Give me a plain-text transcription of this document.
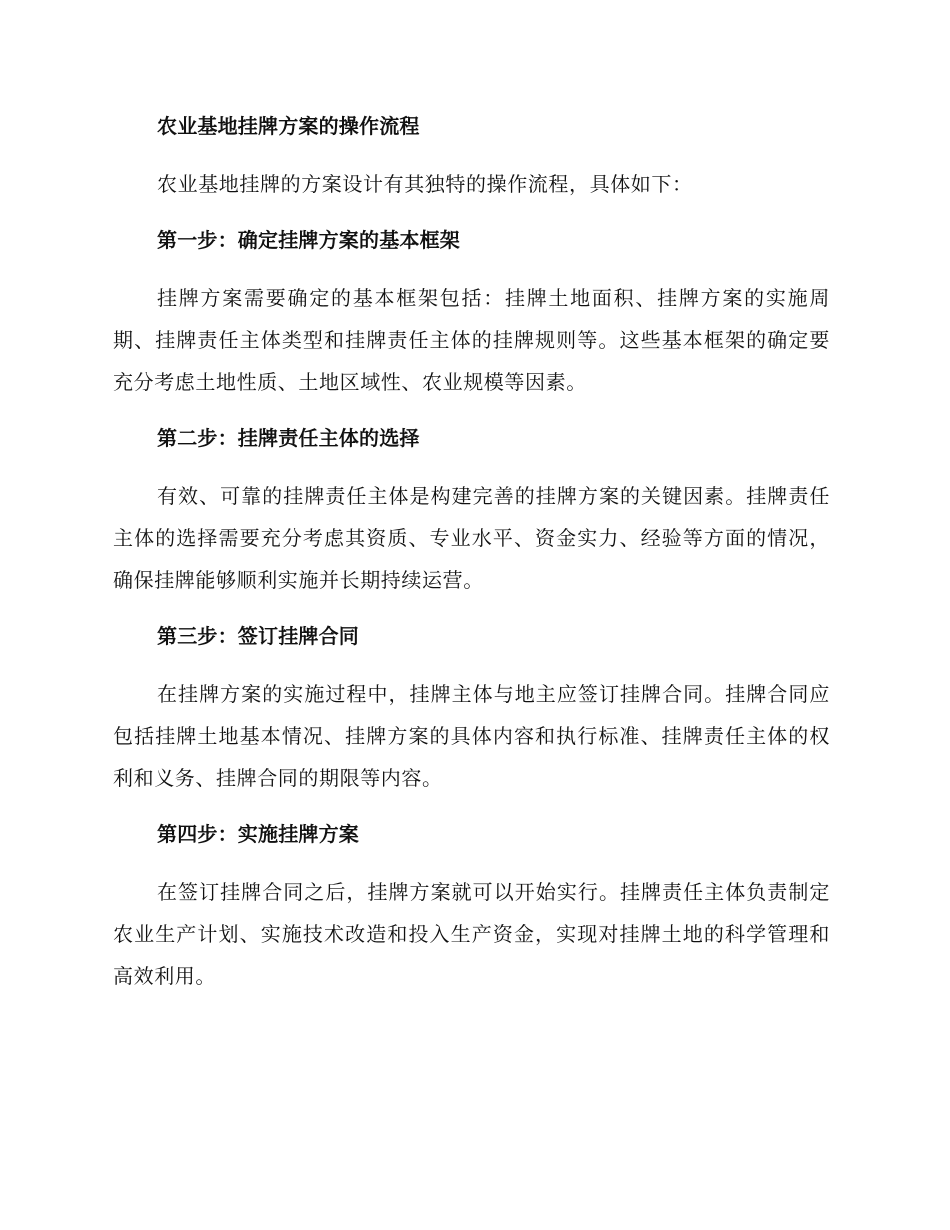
农业基地挂牌方案的操作流程

农业基地挂牌的方案设计有其独特的操作流程，具体如下：

第一步：确定挂牌方案的基本框架

挂牌方案需要确定的基本框架包括：挂牌土地面积、挂牌方案的实施周期、挂牌责任主体类型和挂牌责任主体的挂牌规则等。这些基本框架的确定要充分考虑土地性质、土地区域性、农业规模等因素。

第二步：挂牌责任主体的选择

有效、可靠的挂牌责任主体是构建完善的挂牌方案的关键因素。挂牌责任主体的选择需要充分考虑其资质、专业水平、资金实力、经验等方面的情况，确保挂牌能够顺利实施并长期持续运营。

第三步：签订挂牌合同

在挂牌方案的实施过程中，挂牌主体与地主应签订挂牌合同。挂牌合同应包括挂牌土地基本情况、挂牌方案的具体内容和执行标准、挂牌责任主体的权利和义务、挂牌合同的期限等内容。

第四步：实施挂牌方案

在签订挂牌合同之后，挂牌方案就可以开始实行。挂牌责任主体负责制定农业生产计划、实施技术改造和投入生产资金，实现对挂牌土地的科学管理和高效利用。
